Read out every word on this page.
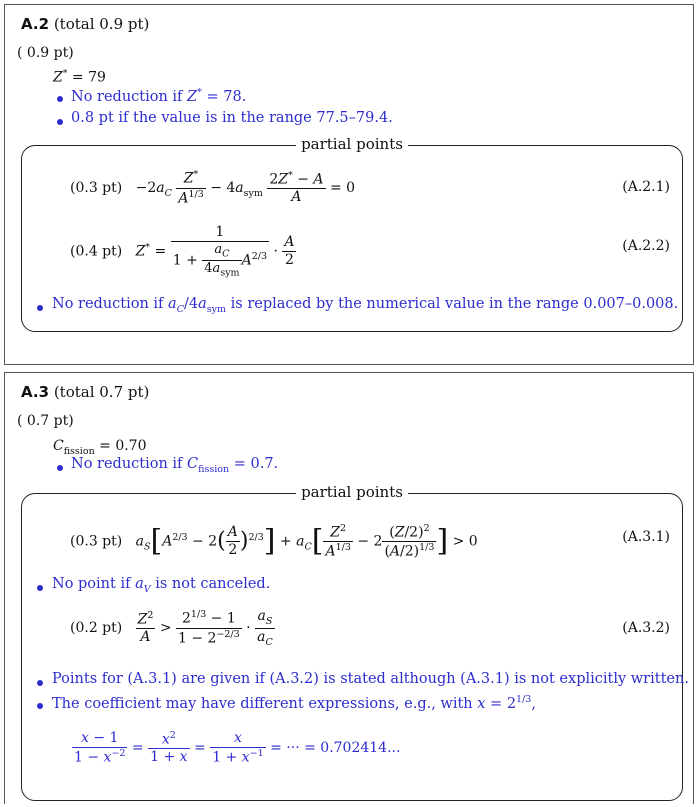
A.2 (total 0.9 pt)
( 0.9 pt)
Z* = 79
No reduction if Z* = 78.
0.8 pt if the value is in the range 77.5–79.4.
partial points
(0.3 $pt) -2a_C \frac{Z^*}{A^{1/3}} - 4a_{sym} \frac{2Z^* - A}{A} = 0$	(A.2.1)
(0.4 pt) $Z^* = \frac{1}{1 + \frac{a_C}{4a_{sym}} A^{2/3}} \cdot \frac{A}{2}$	(A.2.2)
No reduction if $a_C/4a_{sym}$ is replaced by the numerical value in the range 0.007–0.008.
A.3 (total 0.7 pt)
( 0.7 pt)
$C_{fission} = 0.70$
No reduction if $C_{fission} = 0.7$.
partial points
(0.3 pt) $a_S[A^{2/3} - 2( \frac{A}{2} )^{2/3}] + a_C[ \frac{Z^2}{A^{1/3}} - 2 \frac{(Z/2)^2}{(A/2)^{1/3}}$ ] > 0	(A.3.1)
No point if $a_V$ is not canceled.
(0.2 $pt) \frac{Z^2}{A} > \frac{2^{1/3} - 1}{1 - 2^{-2/3}} \cdot \frac{a_S}{a_C}$	(A.3.2)
Points for (A.3.1) are given if (A.3.2) is stated although (A.3.1) is not explicitly written.
The coefficient may have different expressions, e.g., with $x = 2^{1/3}$,
$\frac{x - 1}{1 - x^{-2}} = \frac{x^2}{1 + x} = \frac{x}{1 + x^{-1}}$ = ··· = 0.702414...
